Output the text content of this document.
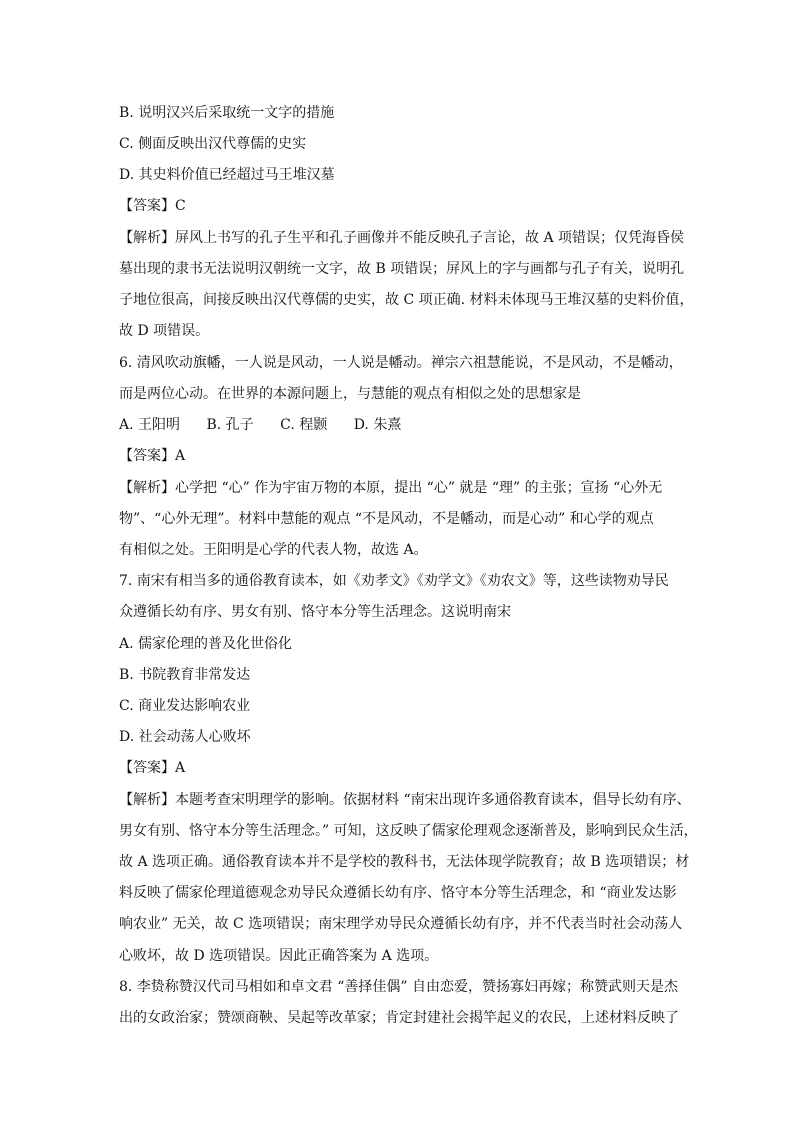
B. 说明汉兴后采取统一文字的措施
C. 侧面反映出汉代尊儒的史实
D. 其史料价值已经超过马王堆汉墓
【答案】C
【解析】屏风上书写的孔子生平和孔子画像并不能反映孔子言论，故 A 项错误；仅凭海昏侯
墓出现的隶书无法说明汉朝统一文字，故 B 项错误；屏风上的字与画都与孔子有关，说明孔
子地位很高，间接反映出汉代尊儒的史实，故 C 项正确. 材料未体现马王堆汉墓的史料价值，
故 D 项错误。
6. 清风吹动旗幡，一人说是风动，一人说是幡动。禅宗六祖慧能说，不是风动，不是幡动，
而是两位心动。在世界的本源问题上，与慧能的观点有相似之处的思想家是
A. 王阳明 B. 孔子 C. 程颢 D. 朱熹
【答案】A
【解析】心学把 “心” 作为宇宙万物的本原，提出 “心” 就是 “理” 的主张；宣扬 “心外无
物”、“心外无理”。材料中慧能的观点 “不是风动，不是幡动，而是心动” 和心学的观点
有相似之处。王阳明是心学的代表人物，故选 A。
7. 南宋有相当多的通俗教育读本，如《劝孝文》《劝学文》《劝农文》等，这些读物劝导民
众遵循长幼有序、男女有别、恪守本分等生活理念。这说明南宋
A. 儒家伦理的普及化世俗化
B. 书院教育非常发达
C. 商业发达影响农业
D. 社会动荡人心败坏
【答案】A
【解析】本题考查宋明理学的影响。依据材料 “南宋出现许多通俗教育读本，倡导长幼有序、
男女有别、恪守本分等生活理念。” 可知，这反映了儒家伦理观念逐渐普及，影响到民众生活，
故 A 选项正确。通俗教育读本并不是学校的教科书，无法体现学院教育；故 B 选项错误；材
料反映了儒家伦理道德观念劝导民众遵循长幼有序、恪守本分等生活理念，和 “商业发达影
响农业” 无关，故 C 选项错误；南宋理学劝导民众遵循长幼有序，并不代表当时社会动荡人
心败坏，故 D 选项错误。因此正确答案为 A 选项。
8. 李贽称赞汉代司马相如和卓文君 “善择佳偶” 自由恋爱，赞扬寡妇再嫁；称赞武则天是杰
出的女政治家；赞颂商鞅、吴起等改革家；肯定封建社会揭竿起义的农民，上述材料反映了
